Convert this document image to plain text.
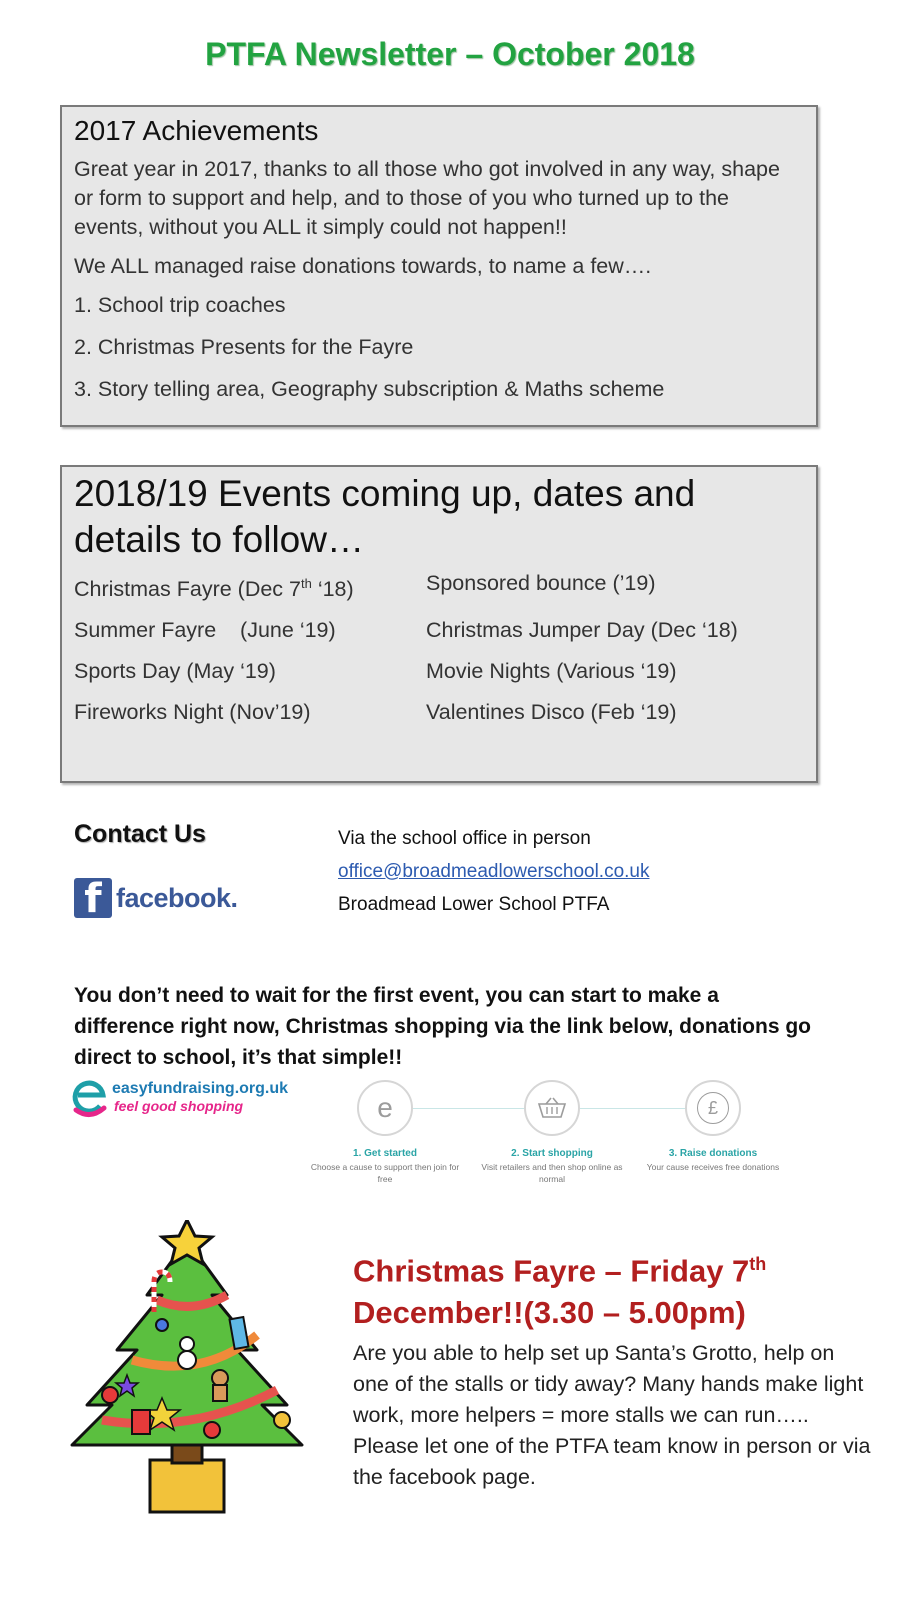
PTFA Newsletter – October 2018
2017 Achievements

Great year in 2017, thanks to all those who got involved in any way, shape or form to support and help, and to those of you who turned up to the events, without you ALL it simply could not happen!!

We ALL managed raise donations towards, to name a few….

1. School trip coaches

2. Christmas Presents for the Fayre

3. Story telling area, Geography subscription & Maths scheme

2018/19 Events coming up, dates and details to follow…
Christmas Fayre (Dec 7th ‘18)	Sponsored bounce (’19)
Summer Fayre    (June ‘19)	Christmas Jumper Day (Dec ‘18)
Sports Day (May ‘19)	Movie Nights (Various ‘19)
Fireworks Night (Nov’19)	Valentines Disco (Feb ‘19)
Contact Us	Via the school office in person
office@broadmeadlowerschool.co.uk
Broadmead Lower School PTFA
f facebook.
You don’t need to wait for the first event, you can start to make a difference right now, Christmas shopping via the link below, donations go direct to school, it’s that simple!!
easyfundraising.org.uk
feel good shopping	e
1. Get started
Choose a cause to support then join for free
2. Start shopping
Visit retailers and then shop online as normal
£
3. Raise donations
Your cause receives free donations
Christmas Fayre – Friday 7th
December!!(3.30 – 5.00pm)

Are you able to help set up Santa’s Grotto, help on one of the stalls or tidy away? Many hands make light work, more helpers = more stalls we can run…..

Please let one of the PTFA team know in person or via the facebook page.
